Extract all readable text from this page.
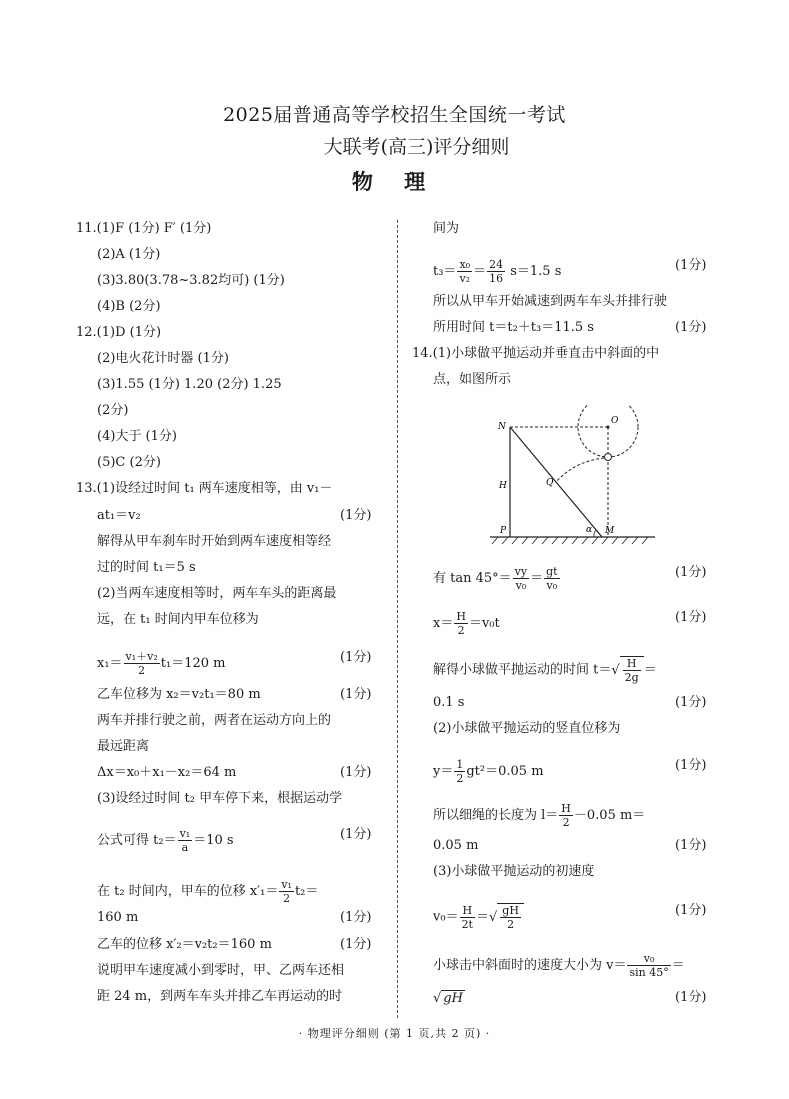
2025届普通高等学校招生全国统一考试
大联考(高三)评分细则
物 理
11.(1)F (1分) F′ (1分)
(2)A (1分)
(3)3.80(3.78~3.82均可) (1分)
(4)B (2分)
12.(1)D (1分)
(2)电火花计时器 (1分)
(3)1.55 (1分) 1.20 (2分) 1.25
(2分)
(4)大于 (1分)
(5)C (2分)
13.(1)设经过时间 t₁ 两车速度相等，由 v₁－
at₁＝v₂	(1分)
解得从甲车刹车时开始到两车速度相等经
过的时间 t₁＝5 s
(2)当两车速度相等时，两车车头的距离最
远，在 t₁ 时间内甲车位移为
$x_1= \frac{\text{v₁＋v₂}}{2} t_1=120$ m	(1分)
乙车位移为 x₂＝v₂t₁＝80 m	(1分)
两车并排行驶之前，两者在运动方向上的
最远距离
Δx＝x₀＋x₁－x₂＝64 m	(1分)
(3)设经过时间 t₂ 甲车停下来，根据运动学
公式可得 $t_2= \frac{\text{v₁}}{a} =10$ s	(1分)
在 t₂ 时间内，甲车的位移 $x'_1= \frac{\text{v₁}}{2} t_2=$
160 m	(1分)
乙车的位移 x′₂＝v₂t₂＝160 m	(1分)
说明甲车速度减小到零时，甲、乙两车还相
距 24 m，到两车车头并排乙车再运动的时
间为
$t_3= \frac{\text{x₀}}{\text{v₂}} = \frac{24}{16} s=1.5$ s	(1分)
所以从甲车开始减速到两车车头并排行驶
所用时间 t＝t₂＋t₃＝11.5 s	(1分)
14.(1)小球做平抛运动并垂直击中斜面的中
点，如图所示
N
O
H	Q
P	α M
有 $\tan 45^\circ= \frac{vy}{\text{v₀}} = \frac{gt}{\text{v₀}}$	(1分)
$x= \frac{H}{2} =v_0t$	(1分)
解得小球做平抛运动的时间 $t=√ \frac{H}{2g}$ ＝
0.1 s	(1分)
(2)小球做平抛运动的竖直位移为
$y= \frac{1}{2} gt^2=0.05$ m	(1分)
所以细绳的长度为 $l= \frac{H}{2} -0.05$ m＝
0.05 m	(1分)
(3)小球做平抛运动的初速度
$v_0= \frac{H}{2t}$ ＝√ $\frac{gH}{2}$	(1分)
小球击中斜面时的速度大小为 $v= \frac{\text{v₀}}{\sin 45^\circ}$ ＝
√ gH	(1分)
· 物理评分细则 (第 1 页,共 2 页) ·
